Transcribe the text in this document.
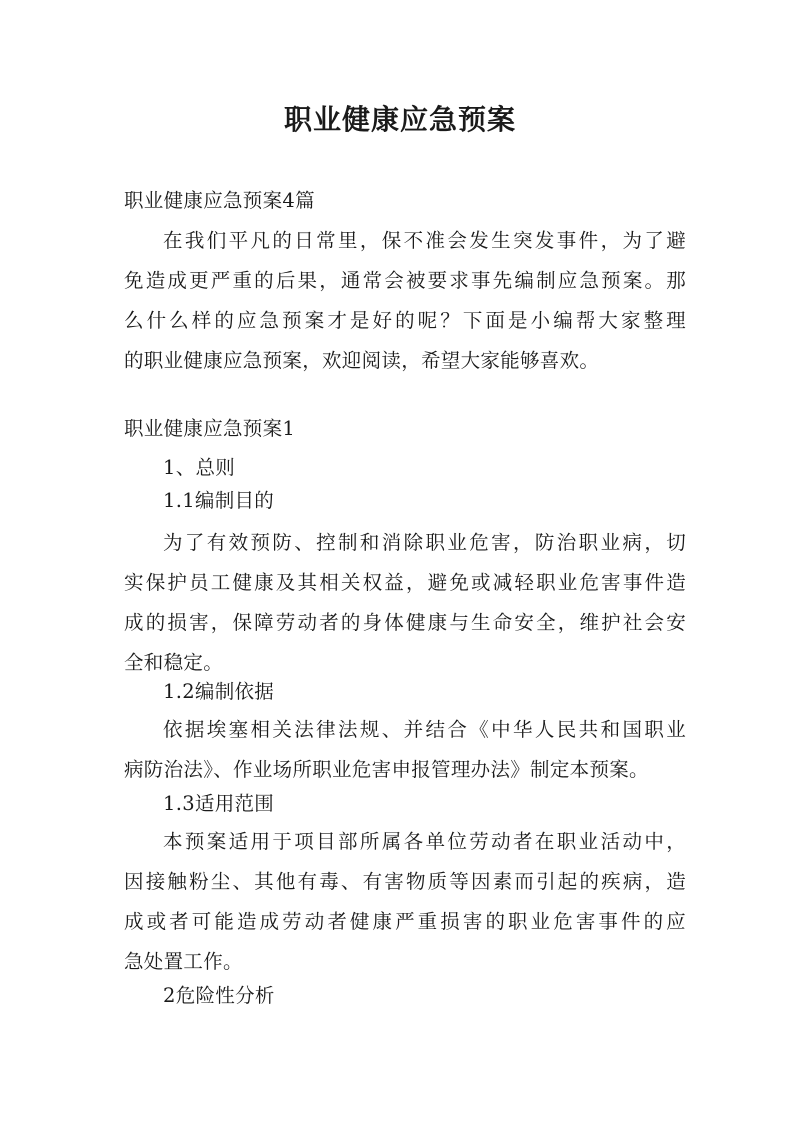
职业健康应急预案
职业健康应急预案4篇
在我们平凡的日常里，保不准会发生突发事件，为了避
免造成更严重的后果，通常会被要求事先编制应急预案。那
么什么样的应急预案才是好的呢？下面是小编帮大家整理
的职业健康应急预案，欢迎阅读，希望大家能够喜欢。
职业健康应急预案1
1、总则
1.1编制目的
为了有效预防、控制和消除职业危害，防治职业病，切
实保护员工健康及其相关权益，避免或减轻职业危害事件造
成的损害，保障劳动者的身体健康与生命安全，维护社会安
全和稳定。
1.2编制依据
依据埃塞相关法律法规、并结合《中华人民共和国职业
病防治法》、作业场所职业危害申报管理办法》制定本预案。
1.3适用范围
本预案适用于项目部所属各单位劳动者在职业活动中，
因接触粉尘、其他有毒、有害物质等因素而引起的疾病，造
成或者可能造成劳动者健康严重损害的职业危害事件的应
急处置工作。
2危险性分析
